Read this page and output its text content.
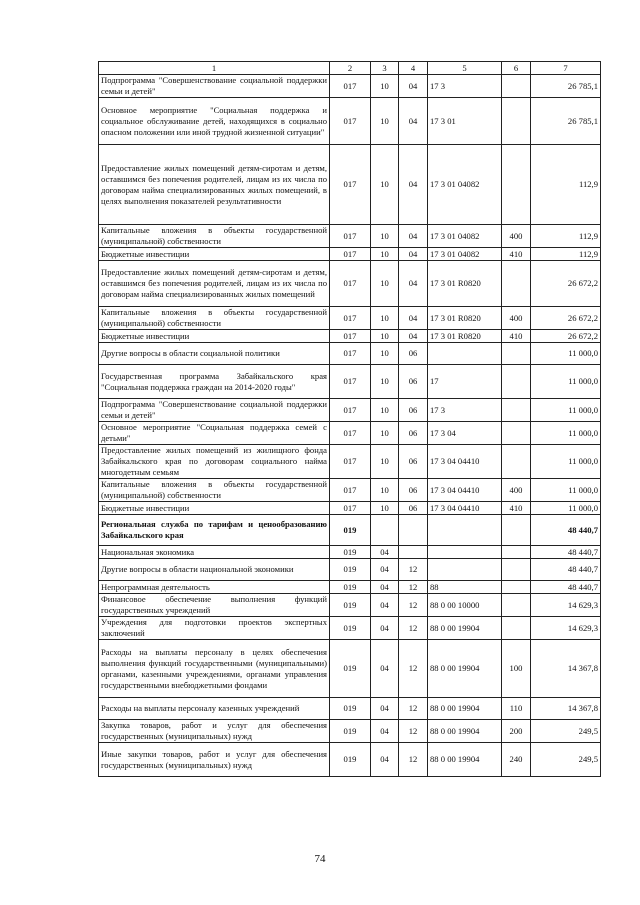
1	2	3	4	5	6	7
Подпрограмма "Совершенствование социальной поддержки семьи и детей"	017	10	04	17 3		26 785,1
Основное мероприятие "Социальная поддержка и социальное обслуживание детей, находящихся в социально опасном положении или иной трудной жизненной ситуации"	017	10	04	17 3 01		26 785,1
Предоставление жилых помещений детям-сиротам и детям, оставшимся без попечения родителей, лицам из их числа по договорам найма специализированных жилых помещений, в целях выполнения показателей результативности	017	10	04	17 3 01 04082		112,9
Капитальные вложения в объекты государственной (муниципальной) собственности	017	10	04	17 3 01 04082	400	112,9
Бюджетные инвестиции	017	10	04	17 3 01 04082	410	112,9
Предоставление жилых помещений детям-сиротам и детям, оставшимся без попечения родителей, лицам из их числа по договорам найма специализированных жилых помещений	017	10	04	17 3 01 R0820		26 672,2
Капитальные вложения в объекты государственной (муниципальной) собственности	017	10	04	17 3 01 R0820	400	26 672,2
Бюджетные инвестиции	017	10	04	17 3 01 R0820	410	26 672,2
Другие вопросы в области социальной политики	017	10	06			11 000,0
Государственная программа Забайкальского края "Социальная поддержка граждан на 2014-2020 годы"	017	10	06	17		11 000,0
Подпрограмма "Совершенствование социальной поддержки семьи и детей"	017	10	06	17 3		11 000,0
Основное мероприятие "Социальная поддержка семей с детьми"	017	10	06	17 3 04		11 000,0
Предоставление жилых помещений из жилищного фонда Забайкальского края по договорам социального найма многодетным семьям	017	10	06	17 3 04 04410		11 000,0
Капитальные вложения в объекты государственной (муниципальной) собственности	017	10	06	17 3 04 04410	400	11 000,0
Бюджетные инвестиции	017	10	06	17 3 04 04410	410	11 000,0
Региональная служба по тарифам и ценообразованию Забайкальского края	019					48 440,7
Национальная экономика	019	04				48 440,7
Другие вопросы в области национальной экономики	019	04	12			48 440,7
Непрограммная деятельность	019	04	12	88		48 440,7
Финансовое обеспечение выполнения функций государственных учреждений	019	04	12	88 0 00 10000		14 629,3
Учреждения для подготовки проектов экспертных заключений	019	04	12	88 0 00 19904		14 629,3
Расходы на выплаты персоналу в целях обеспечения выполнения функций государственными (муниципальными) органами, казенными учреждениями, органами управления государственными внебюджетными фондами	019	04	12	88 0 00 19904	100	14 367,8
Расходы на выплаты персоналу казенных учреждений	019	04	12	88 0 00 19904	110	14 367,8
Закупка товаров, работ и услуг для обеспечения государственных (муниципальных) нужд	019	04	12	88 0 00 19904	200	249,5
Иные закупки товаров, работ и услуг для обеспечения государственных (муниципальных) нужд	019	04	12	88 0 00 19904	240	249,5
74
